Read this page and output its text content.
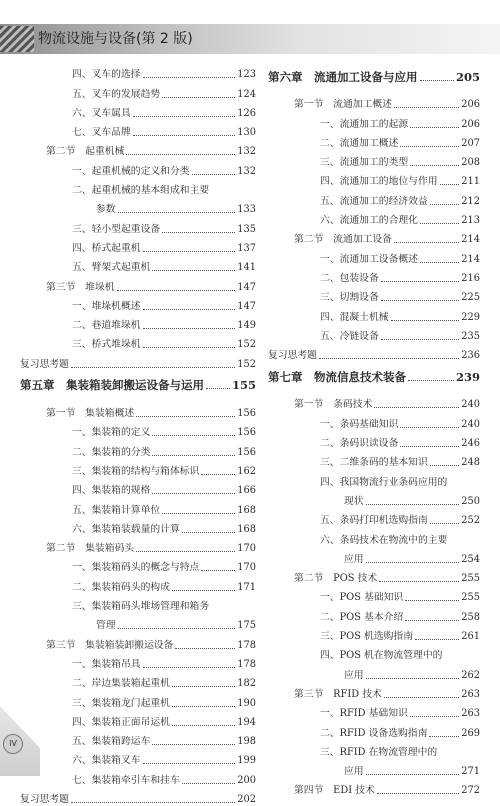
物流设施与设备(第 2 版)
四、叉车的选择	123
五、叉车的发展趋势	124
六、叉车属具	126
七、叉车品牌	130
第二节　起重机械	132
一、起重机械的定义和分类	132
二、起重机械的基本组成和主要
参数	133
三、轻小型起重设备	135
四、桥式起重机	137
五、臂架式起重机	141
第三节　堆垛机	147
一、堆垛机概述	147
二、巷道堆垛机	149
三、桥式堆垛机	152
复习思考题	152
第五章　集装箱装卸搬运设备与运用 155
第一节　集装箱概述	156
一、集装箱的定义	156
二、集装箱的分类	156
三、集装箱的结构与箱体标识	162
四、集装箱的规格	166
五、集装箱计算单位	168
六、集装箱装载量的计算	168
第二节　集装箱码头	170
一、集装箱码头的概念与特点	170
二、集装箱码头的构成	171
三、集装箱码头堆场管理和箱务
管理	175
第三节　集装箱装卸搬运设备	178
一、集装箱吊具	178
二、岸边集装箱起重机	182
三、集装箱龙门起重机	190
四、集装箱正面吊运机	194
五、集装箱跨运车	198
六、集装箱叉车	199
七、集装箱牵引车和挂车	200
复习思考题	202
第六章　流通加工设备与应用	205
第一节　流通加工概述	206
一、流通加工的起源	206
二、流通加工概述	207
三、流通加工的类型	208
四、流通加工的地位与作用 211
五、流通加工的经济效益	212
六、流通加工的合理化	213
第二节　流通加工设备	214
一、流通加工设备概述	214
二、包装设备	216
三、切割设备	225
四、混凝土机械	229
五、冷链设备	235
复习思考题	236
第七章　物流信息技术装备	239
第一节　条码技术	240
一、条码基础知识	240
二、条码识读设备	246
三、二维条码的基本知识	248
四、我国物流行业条码应用的
现状	250
五、条码打印机选购指南	252
六、条码技术在物流中的主要
应用	254
第二节　POS 技术	255
一、POS 基础知识	255
二、POS 基本介绍	258
三、POS 机选购指南	261
四、POS 机在物流管理中的
应用	262
第三节　RFID 技术	263
一、RFID 基础知识	263
二、RFID 设备选购指南	269
三、RFID 在物流管理中的
应用	271
第四节　EDI 技术	272
IV
